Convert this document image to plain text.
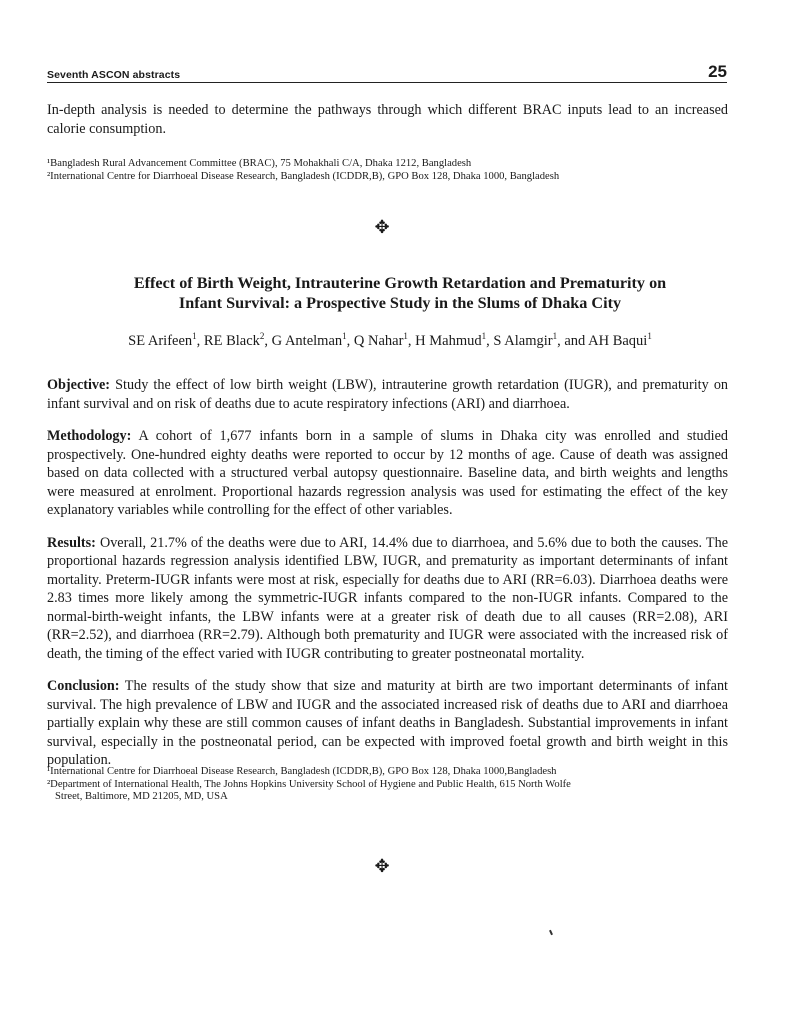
Seventh ASCON abstracts	25

In-depth analysis is needed to determine the pathways through which different BRAC inputs lead to an increased calorie consumption.

¹Bangladesh Rural Advancement Committee (BRAC), 75 Mohakhali C/A, Dhaka 1212, Bangladesh
²International Centre for Diarrhoeal Disease Research, Bangladesh (ICDDR,B), GPO Box 128, Dhaka 1000, Bangladesh
✥
Effect of Birth Weight, Intrauterine Growth Retardation and Prematurity on
Infant Survival: a Prospective Study in the Slums of Dhaka City
SE Arifeen$^1$, RE Black$^2$, G Antelman$^1$, Q Nahar$^1$, H Mahmud$^1$, S Alamgir$^1$, and AH Baqui$^1$

Objective: Study the effect of low birth weight (LBW), intrauterine growth retardation (IUGR), and prematurity on infant survival and on risk of deaths due to acute respiratory infections (ARI) and diarrhoea.

Methodology: A cohort of 1,677 infants born in a sample of slums in Dhaka city was enrolled and studied prospectively. One-hundred eighty deaths were reported to occur by 12 months of age. Cause of death was assigned based on data collected with a structured verbal autopsy questionnaire. Baseline data, and birth weights and lengths were measured at enrolment. Proportional hazards regression analysis was used for estimating the effect of the key explanatory variables while controlling for the effect of other variables.

Results: Overall, 21.7% of the deaths were due to ARI, 14.4% due to diarrhoea, and 5.6% due to both the causes. The proportional hazards regression analysis identified LBW, IUGR, and prematurity as important determinants of infant mortality. Preterm-IUGR infants were most at risk, especially for deaths due to ARI (RR=6.03). Diarrhoea deaths were 2.83 times more likely among the symmetric-IUGR infants compared to the non-IUGR infants. Compared to the normal-birth-weight infants, the LBW infants were at a greater risk of death due to all causes (RR=2.08), ARI (RR=2.52), and diarrhoea (RR=2.79). Although both prematurity and IUGR were associated with the increased risk of death, the timing of the effect varied with IUGR contributing to greater postneonatal mortality.

Conclusion: The results of the study show that size and maturity at birth are two important determinants of infant survival. The high prevalence of LBW and IUGR and the associated increased risk of deaths due to ARI and diarrhoea partially explain why these are still common causes of infant deaths in Bangladesh. Substantial improvements in infant survival, especially in the postneonatal period, can be expected with improved foetal growth and birth weight in this population.

¹International Centre for Diarrhoeal Disease Research, Bangladesh (ICDDR,B), GPO Box 128, Dhaka 1000,Bangladesh
²Department of International Health, The Johns Hopkins University School of Hygiene and Public Health, 615 North Wolfe
Street, Baltimore, MD 21205, MD, USA
✥
